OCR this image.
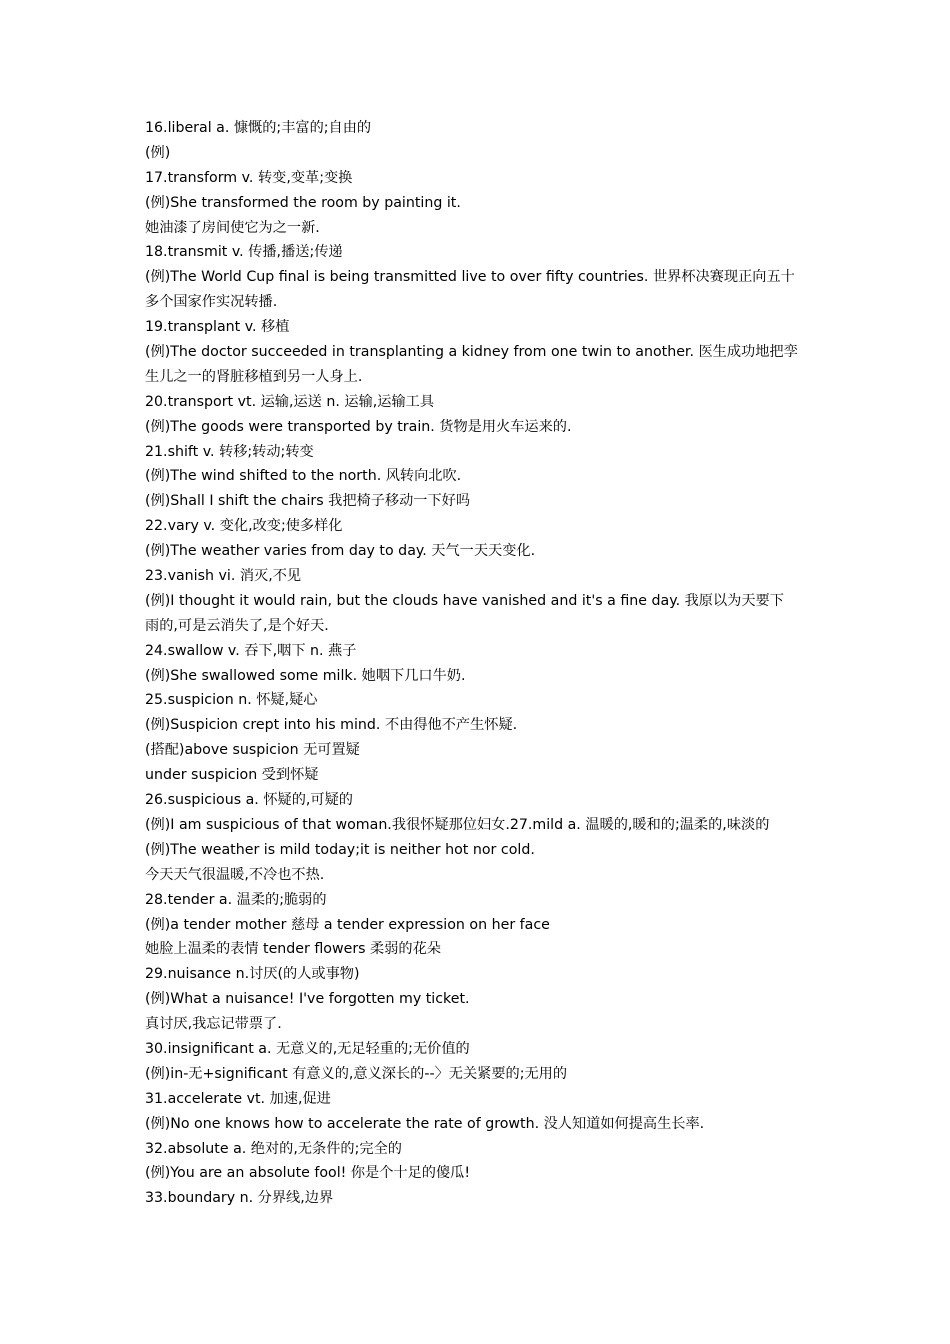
16.liberal a. 慷慨的;丰富的;自由的
(例)
17.transform v. 转变,变革;变换
(例)She transformed the room by painting it.
她油漆了房间使它为之一新.
18.transmit v. 传播,播送;传递
(例)The World Cup final is being transmitted live to over fifty countries. 世界杯决赛现正向五十
多个国家作实况转播.
19.transplant v. 移植
(例)The doctor succeeded in transplanting a kidney from one twin to another. 医生成功地把孪
生儿之一的肾脏移植到另一人身上.
20.transport vt. 运输,运送 n. 运输,运输工具
(例)The goods were transported by train. 货物是用火车运来的.
21.shift v. 转移;转动;转变
(例)The wind shifted to the north. 风转向北吹.
(例)Shall I shift the chairs 我把椅子移动一下好吗
22.vary v. 变化,改变;使多样化
(例)The weather varies from day to day. 天气一天天变化.
23.vanish vi. 消灭,不见
(例)I thought it would rain, but the clouds have vanished and it's a fine day. 我原以为天要下
雨的,可是云消失了,是个好天.
24.swallow v. 吞下,咽下 n. 燕子
(例)She swallowed some milk. 她咽下几口牛奶.
25.suspicion n. 怀疑,疑心
(例)Suspicion crept into his mind. 不由得他不产生怀疑.
(搭配)above suspicion 无可置疑
under suspicion 受到怀疑
26.suspicious a. 怀疑的,可疑的
(例)I am suspicious of that woman.我很怀疑那位妇女.27.mild a. 温暖的,暖和的;温柔的,味淡的
(例)The weather is mild today;it is neither hot nor cold.
今天天气很温暖,不冷也不热.
28.tender a. 温柔的;脆弱的
(例)a tender mother 慈母 a tender expression on her face
她脸上温柔的表情 tender flowers 柔弱的花朵
29.nuisance n.讨厌(的人或事物)
(例)What a nuisance! I've forgotten my ticket.
真讨厌,我忘记带票了.
30.insignificant a. 无意义的,无足轻重的;无价值的
(例)in-无+significant 有意义的,意义深长的--〉无关紧要的;无用的
31.accelerate vt. 加速,促进
(例)No one knows how to accelerate the rate of growth. 没人知道如何提高生长率.
32.absolute a. 绝对的,无条件的;完全的
(例)You are an absolute fool! 你是个十足的傻瓜!
33.boundary n. 分界线,边界
